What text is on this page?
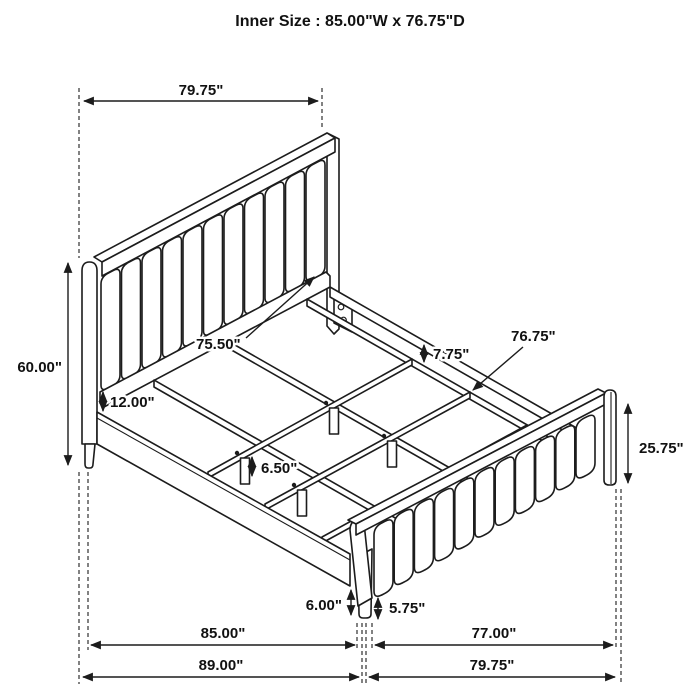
Inner Size : 85.00"W x 76.75"D
79.75"
60.00"
12.00"
75.50"
7.75"
76.75"
25.75"
6.50"
6.00"	5.75"
85.00"	77.00"
89.00"	79.75"
